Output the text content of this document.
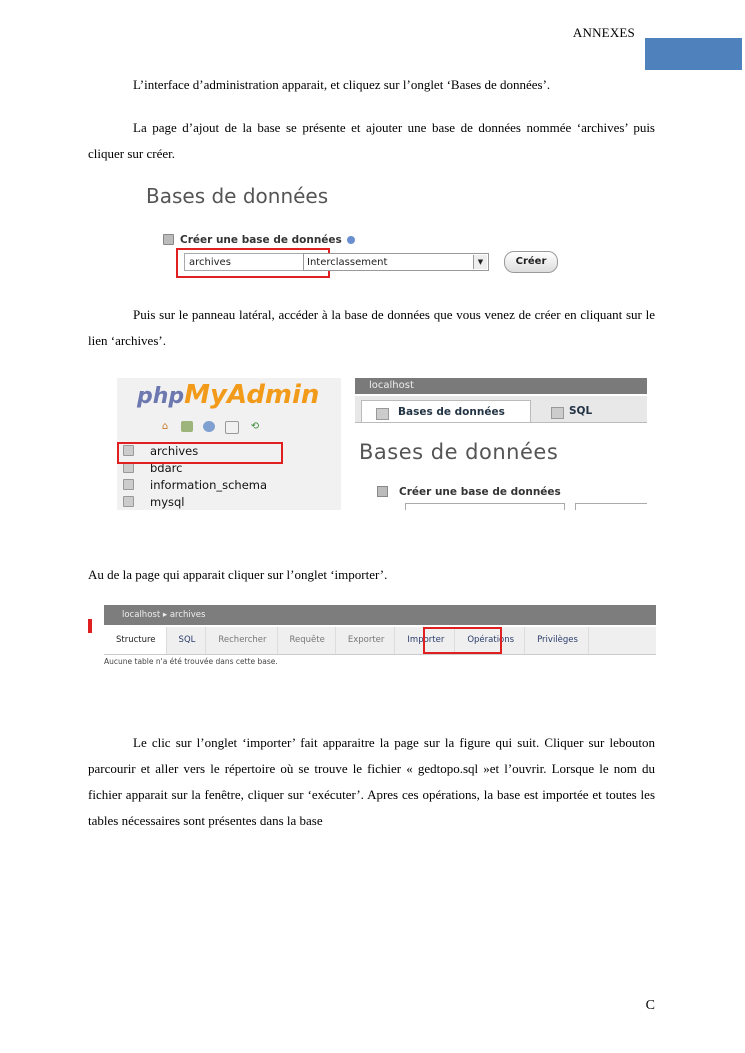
ANNEXES
L’interface d’administration apparait, et cliquez sur l’onglet ‘Bases de données’.
La page d’ajout de la base se présente et ajouter une base de données nommée ‘archives’ puis cliquer sur créer.
Bases de données
Créer une base de données
archives	Interclassement	▼	Créer
Puis sur le panneau latéral, accéder à la base de données que vous venez de créer en cliquant sur le lien ‘archives’.
phpMyAdmin
⌂	⟲
archives
bdarc
information_schema
mysql
localhost
Bases de données	SQL
Bases de données
Créer une base de données
Au de la page qui apparait cliquer sur l’onglet ‘importer’.
localhost ▸ archives
Structure	SQL	Rechercher	Requête	Exporter	Importer	Opérations	Privilèges
Aucune table n'a été trouvée dans cette base.
Le clic sur l’onglet ‘importer’ fait apparaitre la page sur la figure qui suit. Cliquer sur lebouton parcourir et aller vers le répertoire où se trouve le fichier « gedtopo.sql »et l’ouvrir. Lorsque le nom du fichier apparait sur la fenêtre, cliquer sur ‘exécuter’. Apres ces opérations, la base est importée et toutes les tables nécessaires sont présentes dans la base
C
